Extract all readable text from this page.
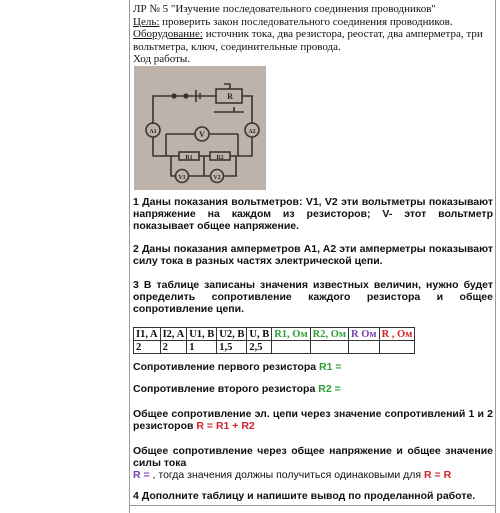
ЛР № 5 "Изучение последовательного соединения проводников"
Цель: проверить закон последовательного соединения проводников.
Оборудование: источник тока, два резистора, реостат, два амперметра, три вольтметра, ключ, соединительные провода.
Ход работы.
R
A1	A2
V
R1	R2
V1	V2
1 Даны показания вольтметров: V1, V2 эти вольтметры показывают напряжение на каждом из резисторов; V- этот вольтметр показывает общее напряжение.
2 Даны показания амперметров A1, A2 эти амперметры показывают силу тока в разных частях электрической цепи.
3 В таблице записаны значения известных величин, нужно будет определить сопротивление каждого резистора и общее сопротивление цепи.
I1, A	I2, A	U1, B	U2, B	U, B	R1, Ом	R2, Ом	R Ом	R , Ом
2	2	1	1,5	2,5				
Сопротивление первого резистора R1 =
Сопротивление второго резистора R2 =
Общее сопротивление эл. цепи через значение сопротивлений 1 и 2 резисторов R = R1 + R2
Общее сопротивление через общее напряжение и общее значение силы тока
R = , тогда значения должны получиться одинаковыми для R = R
4 Дополните таблицу и напишите вывод по проделанной работе.
